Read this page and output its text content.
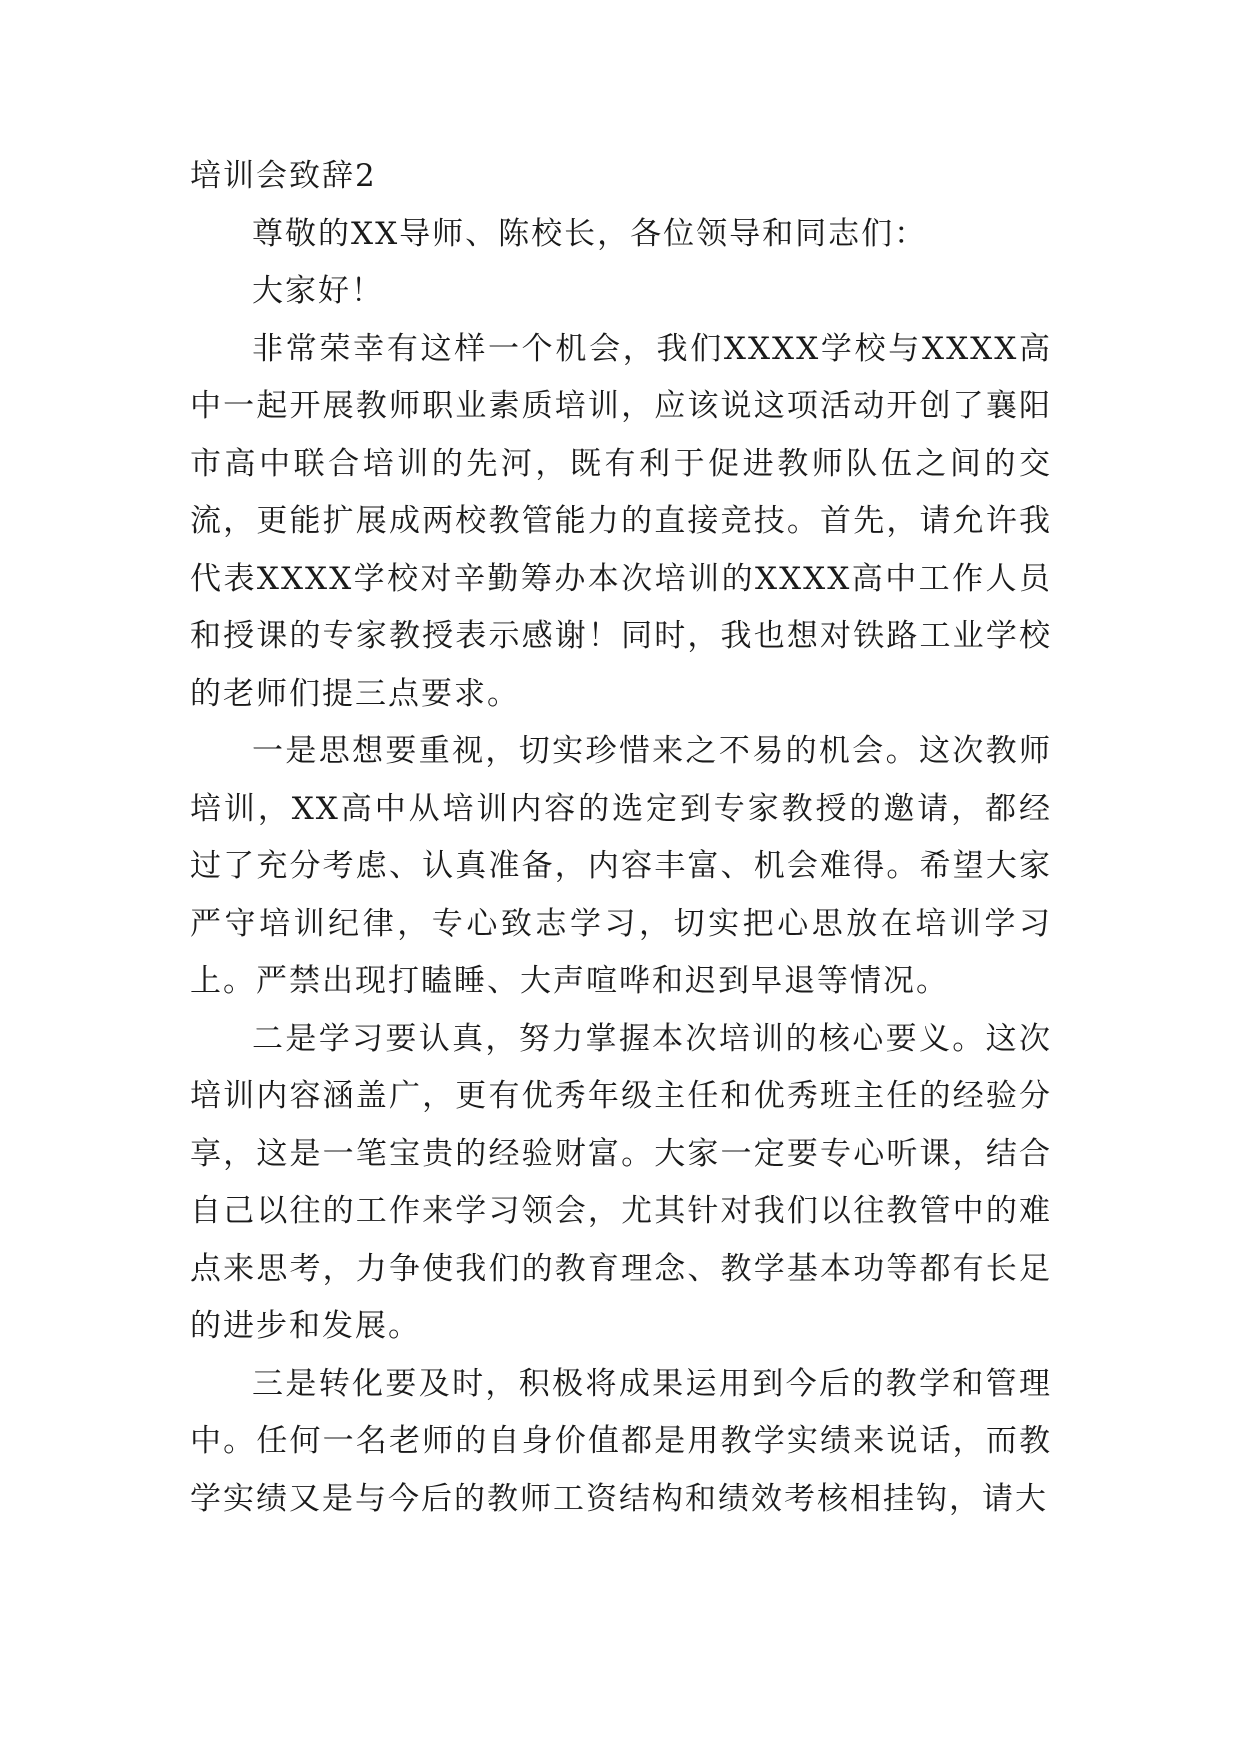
培训会致辞2

尊敬的XX导师、陈校长，各位领导和同志们：

大家好！

非常荣幸有这样一个机会，我们XXXX学校与XXXX高中一起开展教师职业素质培训，应该说这项活动开创了襄阳市高中联合培训的先河，既有利于促进教师队伍之间的交流，更能扩展成两校教管能力的直接竞技。首先，请允许我代表XXXX学校对辛勤筹办本次培训的XXXX高中工作人员和授课的专家教授表示感谢！同时，我也想对铁路工业学校的老师们提三点要求。

一是思想要重视，切实珍惜来之不易的机会。这次教师培训，XX高中从培训内容的选定到专家教授的邀请，都经过了充分考虑、认真准备，内容丰富、机会难得。希望大家严守培训纪律，专心致志学习，切实把心思放在培训学习上。严禁出现打瞌睡、大声喧哗和迟到早退等情况。

二是学习要认真，努力掌握本次培训的核心要义。这次培训内容涵盖广，更有优秀年级主任和优秀班主任的经验分享，这是一笔宝贵的经验财富。大家一定要专心听课，结合自己以往的工作来学习领会，尤其针对我们以往教管中的难点来思考，力争使我们的教育理念、教学基本功等都有长足的进步和发展。

三是转化要及时，积极将成果运用到今后的教学和管理中。任何一名老师的自身价值都是用教学实绩来说话，而教学实绩又是与今后的教师工资结构和绩效考核相挂钩，请大
